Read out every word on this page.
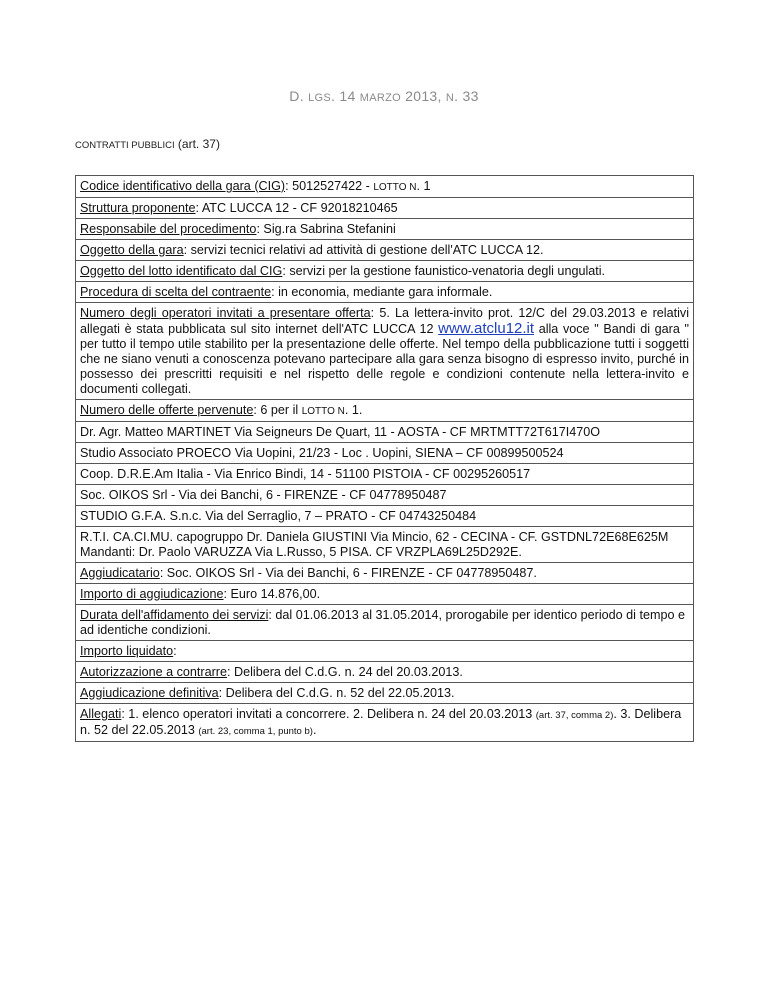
D. LGS. 14 MARZO 2013, N. 33
CONTRATTI PUBBLICI (art. 37)
Codice identificativo della gara (CIG): 5012527422 - LOTTO N. 1
Struttura proponente: ATC LUCCA 12 - CF 92018210465
Responsabile del procedimento: Sig.ra Sabrina Stefanini
Oggetto della gara: servizi tecnici relativi ad attività di gestione dell'ATC LUCCA 12.
Oggetto del lotto identificato dal CIG: servizi per la gestione faunistico-venatoria degli ungulati.
Procedura di scelta del contraente: in economia, mediante gara informale.
Numero degli operatori invitati a presentare offerta: 5. La lettera-invito prot. 12/C del 29.03.2013 e relativi allegati è stata pubblicata sul sito internet dell'ATC LUCCA 12 www.atclu12.it alla voce " Bandi di gara " per tutto il tempo utile stabilito per la presentazione delle offerte. Nel tempo della pubblicazione tutti i soggetti che ne siano venuti a conoscenza potevano partecipare alla gara senza bisogno di espresso invito, purché in possesso dei prescritti requisiti e nel rispetto delle regole e condizioni contenute nella lettera-invito e documenti collegati.
Numero delle offerte pervenute: 6 per il LOTTO N. 1.
Dr. Agr. Matteo MARTINET Via Seigneurs De Quart, 11 - AOSTA - CF MRTMTT72T617I470O
Studio Associato PROECO Via Uopini, 21/23 - Loc . Uopini, SIENA – CF 00899500524
Coop. D.R.E.Am Italia - Via Enrico Bindi, 14 - 51100 PISTOIA - CF 00295260517
Soc. OIKOS Srl - Via dei Banchi, 6 - FIRENZE - CF 04778950487
STUDIO G.F.A. S.n.c. Via del Serraglio, 7 – PRATO - CF 04743250484

R.T.I. CA.CI.MU. capogruppo Dr. Daniela GIUSTINI Via Mincio, 62 - CECINA - CF. GSTDNL72E68E625M
Mandanti: Dr. Paolo VARUZZA Via L.Russo, 5 PISA. CF VRZPLA69L25D292E.

Aggiudicatario: Soc. OIKOS Srl - Via dei Banchi, 6 - FIRENZE - CF 04778950487.
Importo di aggiudicazione: Euro 14.876,00.
Durata dell'affidamento dei servizi: dal 01.06.2013 al 31.05.2014, prorogabile per identico periodo di tempo e ad identiche condizioni.
Importo liquidato:
Autorizzazione a contrarre: Delibera del C.d.G. n. 24 del 20.03.2013.
Aggiudicazione definitiva: Delibera del C.d.G. n. 52 del 22.05.2013.
Allegati: 1. elenco operatori invitati a concorrere. 2. Delibera n. 24 del 20.03.2013 (art. 37, comma 2). 3. Delibera n. 52 del 22.05.2013 (art. 23, comma 1, punto b).
